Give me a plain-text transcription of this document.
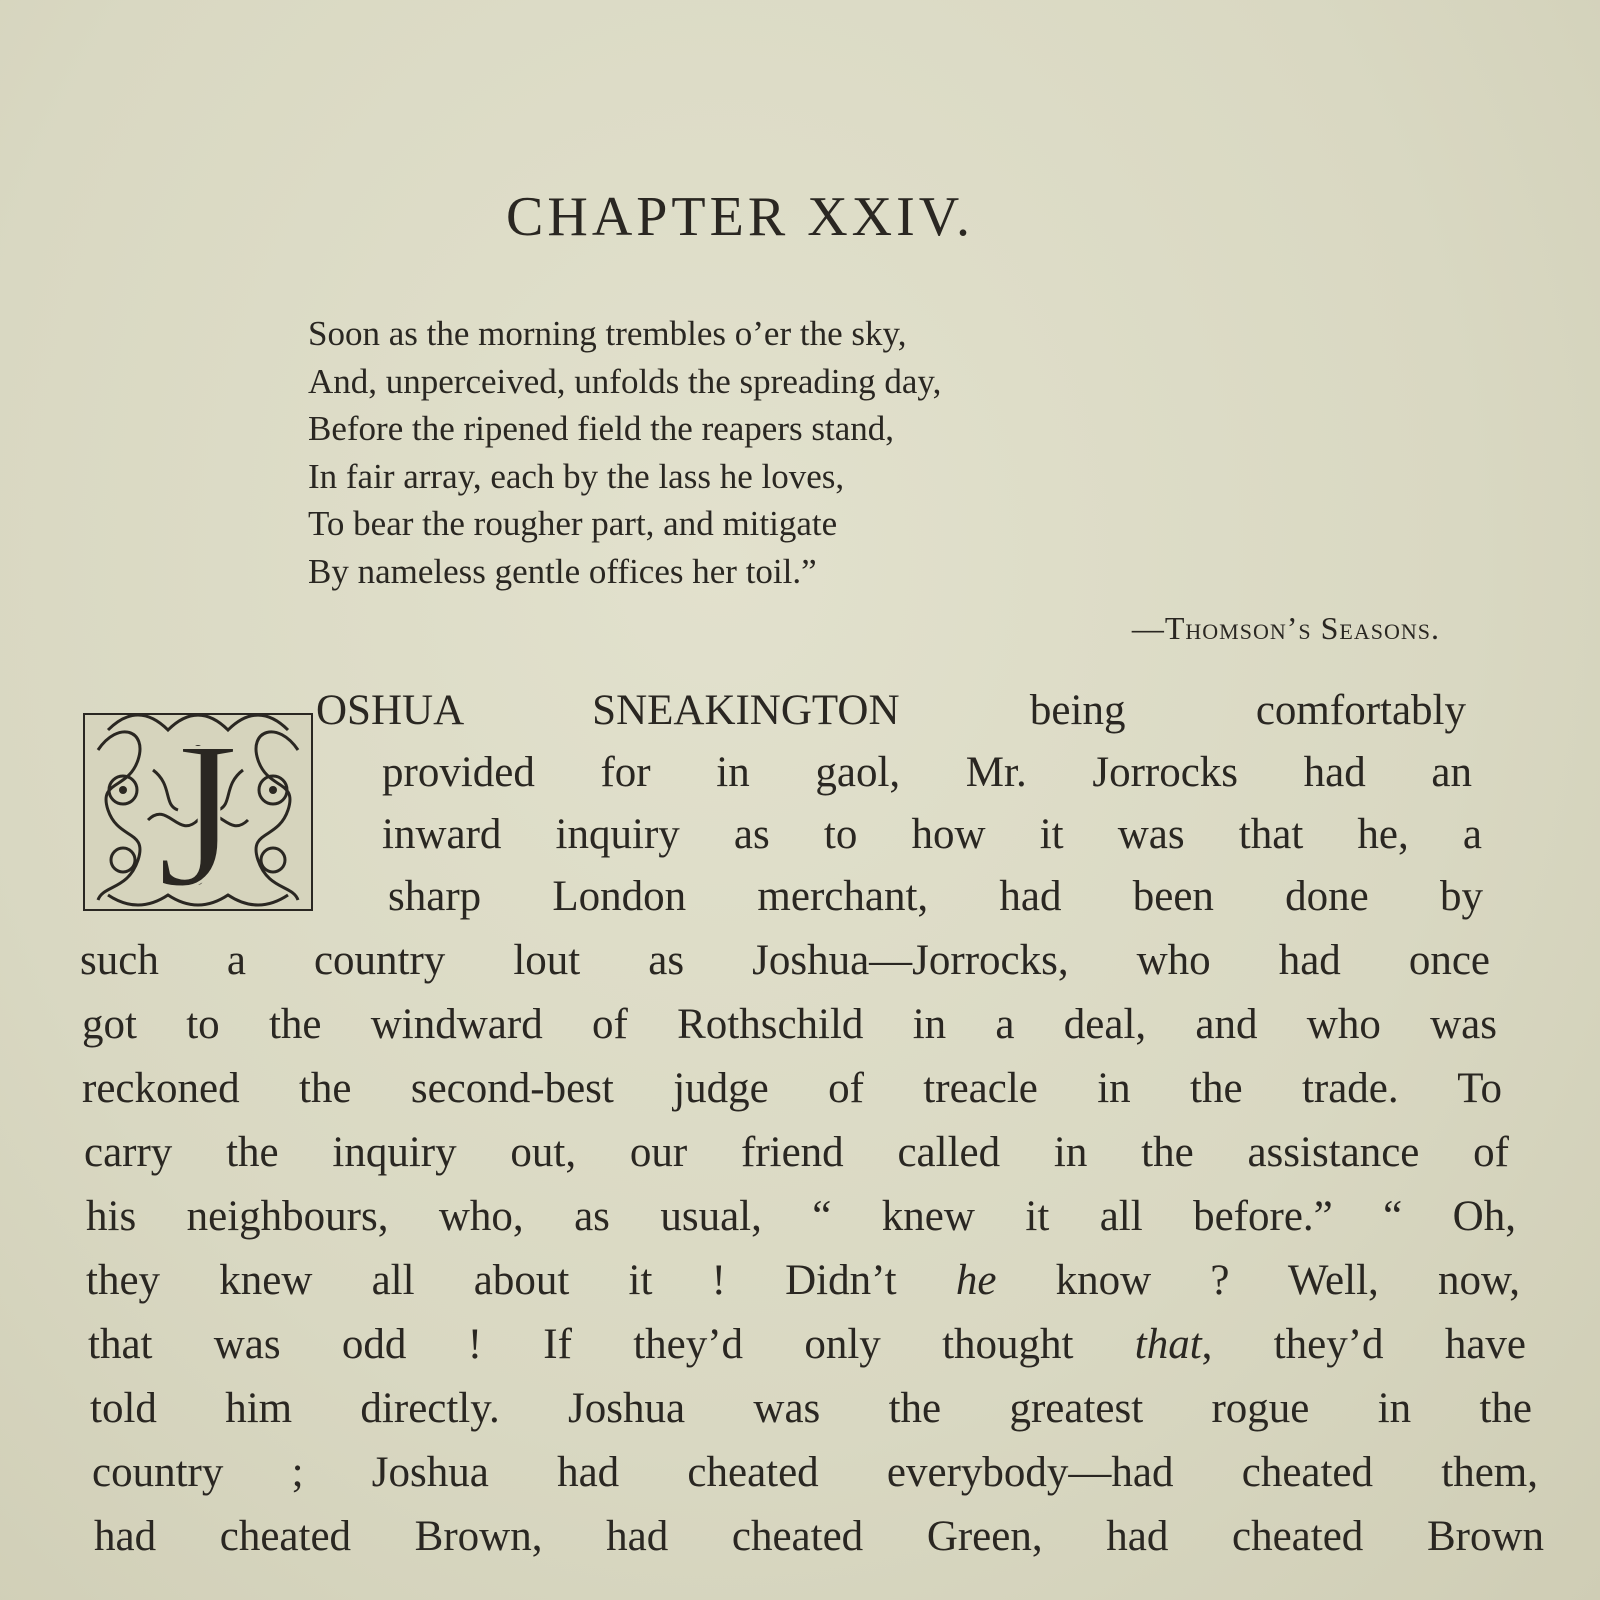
CHAPTER XXIV.
Soon as the morning trembles o’er the sky,
And, unperceived, unfolds the spreading day,
Before the ripened field the reapers stand,
In fair array, each by the lass he loves,
To bear the rougher part, and mitigate
By nameless gentle offices her toil.”
—Thomson’s Seasons.
J OSHUA SNEAKINGTON being comfortably
provided for in gaol, Mr. Jorrocks had an
inward inquiry as to how it was that he, a
sharp London merchant, had been done by
such a country lout as Joshua—Jorrocks, who had once
got to the windward of Rothschild in a deal, and who was
reckoned the second-best judge of treacle in the trade. To
carry the inquiry out, our friend called in the assistance of
his neighbours, who, as usual, “ knew it all before.” “ Oh,
they knew all about it ! Didn’t he know ? Well, now,
that was odd ! If they’d only thought that, they’d have
told him directly. Joshua was the greatest rogue in the
country ; Joshua had cheated everybody—had cheated them,
had cheated Brown, had cheated Green, had cheated Brown
